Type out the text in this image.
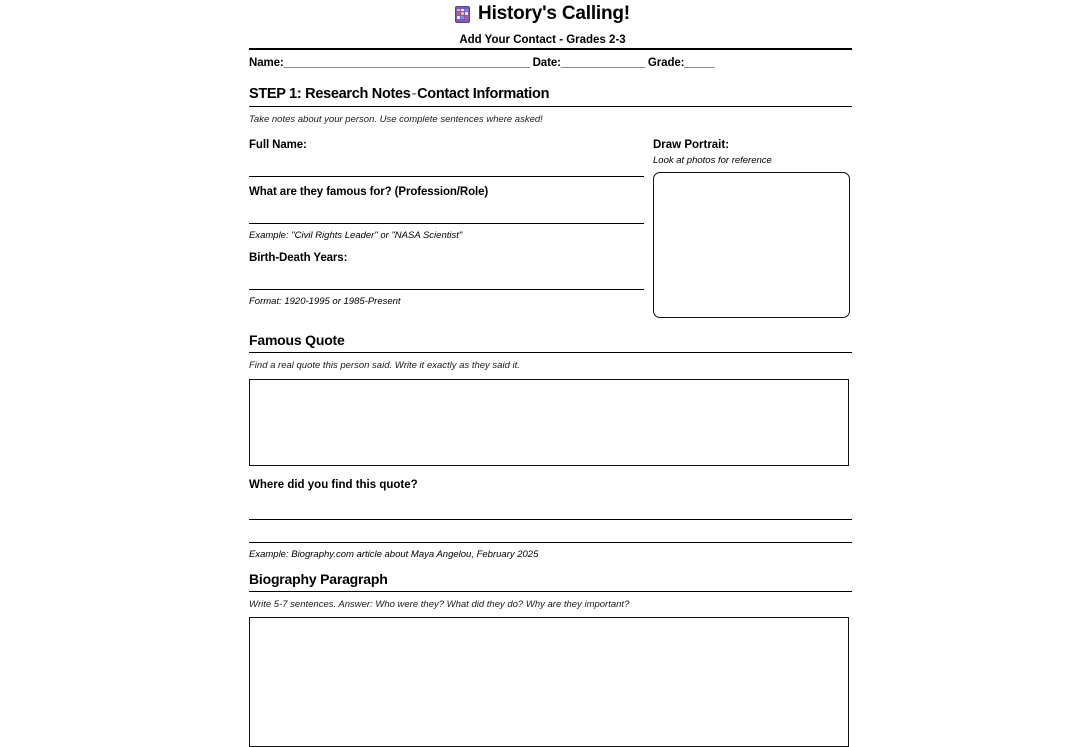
History's Calling!
Add Your Contact - Grades 2-3
Name:_________________________________________ Date:______________ Grade:_____
STEP 1: Research Notes-Contact Information
Take notes about your person. Use complete sentences where asked!
Full Name:
What are they famous for? (Profession/Role)
Example: "Civil Rights Leader" or "NASA Scientist"
Birth-Death Years:
Format: 1920-1995 or 1985-Present
Draw Portrait:
Look at photos for reference
Famous Quote
Find a real quote this person said. Write it exactly as they said it.
Where did you find this quote?
Example: Biography.com article about Maya Angelou, February 2025
Biography Paragraph
Write 5-7 sentences. Answer: Who were they? What did they do? Why are they important?
